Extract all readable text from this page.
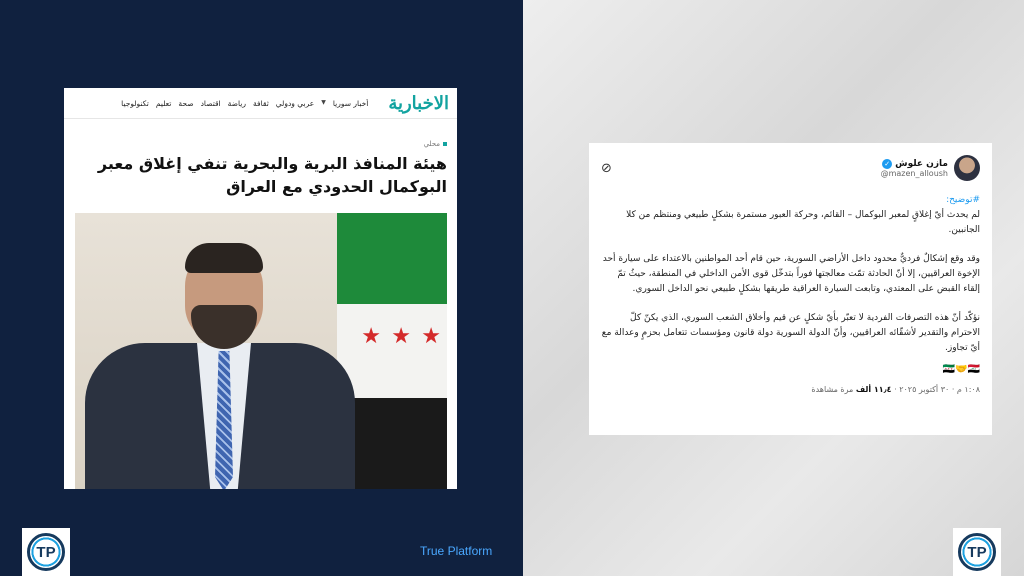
الاخبارية
أخبار سوريا
▼
عربي ودولي
ثقافة
رياضة
اقتصاد
صحة
تعليم
تكنولوجيا
محلي
هيئة المنافذ البرية والبحرية تنفي إغلاق معبر البوكمال الحدودي مع العراق
★ ★ ★
مازن علوش
✓
@mazen_alloush
⊘
#توضيح:

لم يحدث أيّ إغلاقٍ لمعبر البوكمال – القائم، وحركة العبور مستمرة بشكلٍ طبيعي ومنتظم من كلا الجانبين.

وقد وقع إشكالٌ فرديٌّ محدود داخل الأراضي السورية، حين قام أحد المواطنين بالاعتداء على سيارة أحد الإخوة العراقيين، إلا أنّ الحادثة تمّت معالجتها فوراً بتدخّل قوى الأمن الداخلي في المنطقة، حيثُ تمّ إلقاء القبض على المعتدي، وتابعت السيارة العراقية طريقها بشكلٍ طبيعي نحو الداخل السوري.

نؤكّد أنّ هذه التصرفات الفردية لا تعبّر بأيّ شكلٍ عن قيم وأخلاق الشعب السوري، الذي يكنّ كلّ الاحترام والتقدير لأشقّائه العراقيين، وأنّ الدولة السورية دولة قانون ومؤسسات تتعامل بحزمٍ وعدالة مع أيّ تجاوز.

🇸🇾🤝🇮🇶
١:٠٨ م · ٣٠ أكتوبر ٢٠٢٥ · ١١٫٤ ألف مرة مشاهدة
TP	TP
True Platform
